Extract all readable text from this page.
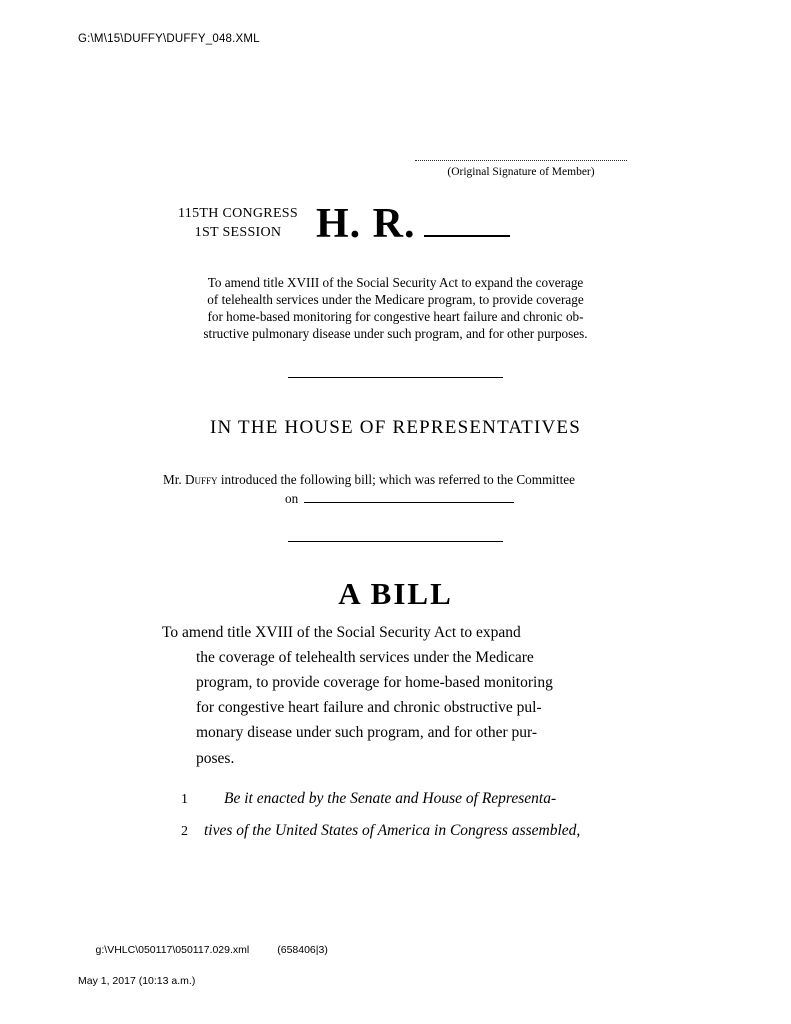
G:\M\15\DUFFY\DUFFY_048.XML
(Original Signature of Member)
115TH CONGRESS
1ST SESSION H. R.
To amend title XVIII of the Social Security Act to expand the coverage
of telehealth services under the Medicare program, to provide coverage
for home-based monitoring for congestive heart failure and chronic ob-
structive pulmonary disease under such program, and for other purposes.
IN THE HOUSE OF REPRESENTATIVES
Mr. Duffy introduced the following bill; which was referred to the Committee
on
A BILL
To amend title XVIII of the Social Security Act to expand
the coverage of telehealth services under the Medicare
program, to provide coverage for home-based monitoring
for congestive heart failure and chronic obstructive pul-
monary disease under such program, and for other pur-
poses.
1	Be it enacted by the Senate and House of Representa-
2	tives of the United States of America in Congress assembled,

g:\VHLC\050117\050117.029.xml	(658406|3)

May 1, 2017 (10:13 a.m.)
